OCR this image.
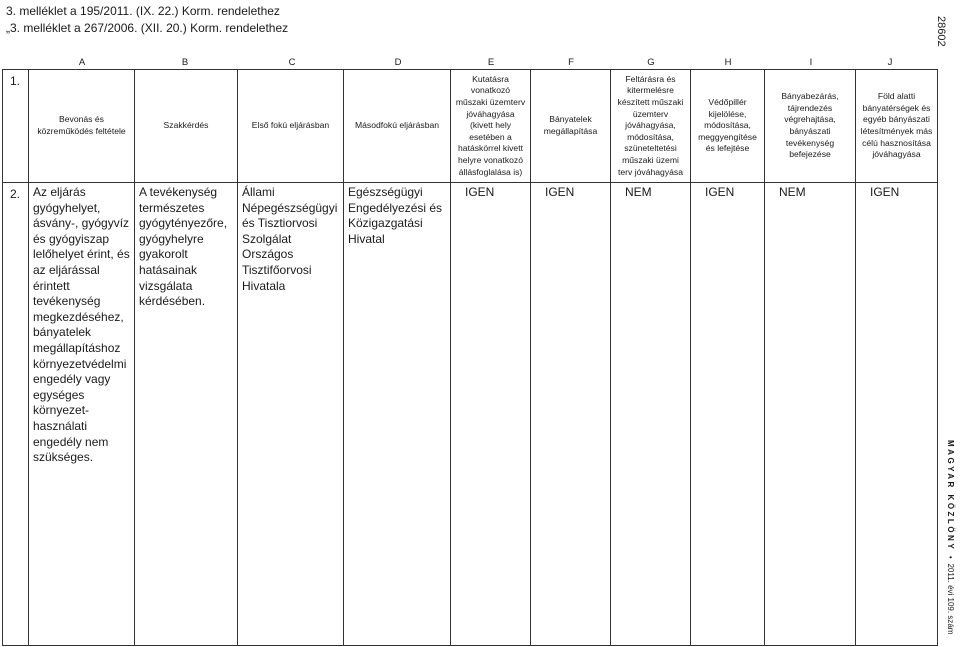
3. melléklet a 195/2011. (IX. 22.) Korm. rendelethez
„3. melléklet a 267/2006. (XII. 20.) Korm. rendelethez
A	B	C	D	E	F	G	H	I	J
1.	Bevonás és közreműködés feltétele	Szakkérdés	Első fokú eljárásban	Másodfokú eljárásban	Kutatásra vonatkozó műszaki üzemterv jóváhagyása (kivett hely esetében a hatáskörrel kivett helyre vonatkozó állásfoglalása is)	Bányatelek megállapítása	Feltárásra és kitermelésre készített műszaki üzemterv jóváhagyása, módosítása, szüneteltetési műszaki üzemi terv jóváhagyása	Védőpillér kijelölése, módosítása, meggyengítése és lefejtése	Bányabezárás, tájrendezés végrehajtása, bányászati tevékenység befejezése	Föld alatti bányatérségek és egyéb bányászati létesítmények más célú hasznosítása jóváhagyása
2.	Az eljárás gyógyhelyet, ásvány-, gyógyvíz és gyógyiszap lelőhelyet érint, és az eljárással érintett tevékenység megkezdéséhez, bányatelek megállapításhoz környezetvédelmi engedély vagy egységes környezet-használati engedély nem szükséges.	A tevékenység természetes gyógytényezőre, gyógyhelyre gyakorolt hatásainak vizsgálata kérdésében.	Állami Népegészségügyi és Tisztiorvosi Szolgálat Országos Tisztifőorvosi Hivatala	Egészségügyi Engedélyezési és Közigazgatási Hivatal	IGEN	IGEN	NEM	IGEN	NEM	IGEN
28602
MAGYAR KÖZLÖNY • 2011. évi 109. szám
